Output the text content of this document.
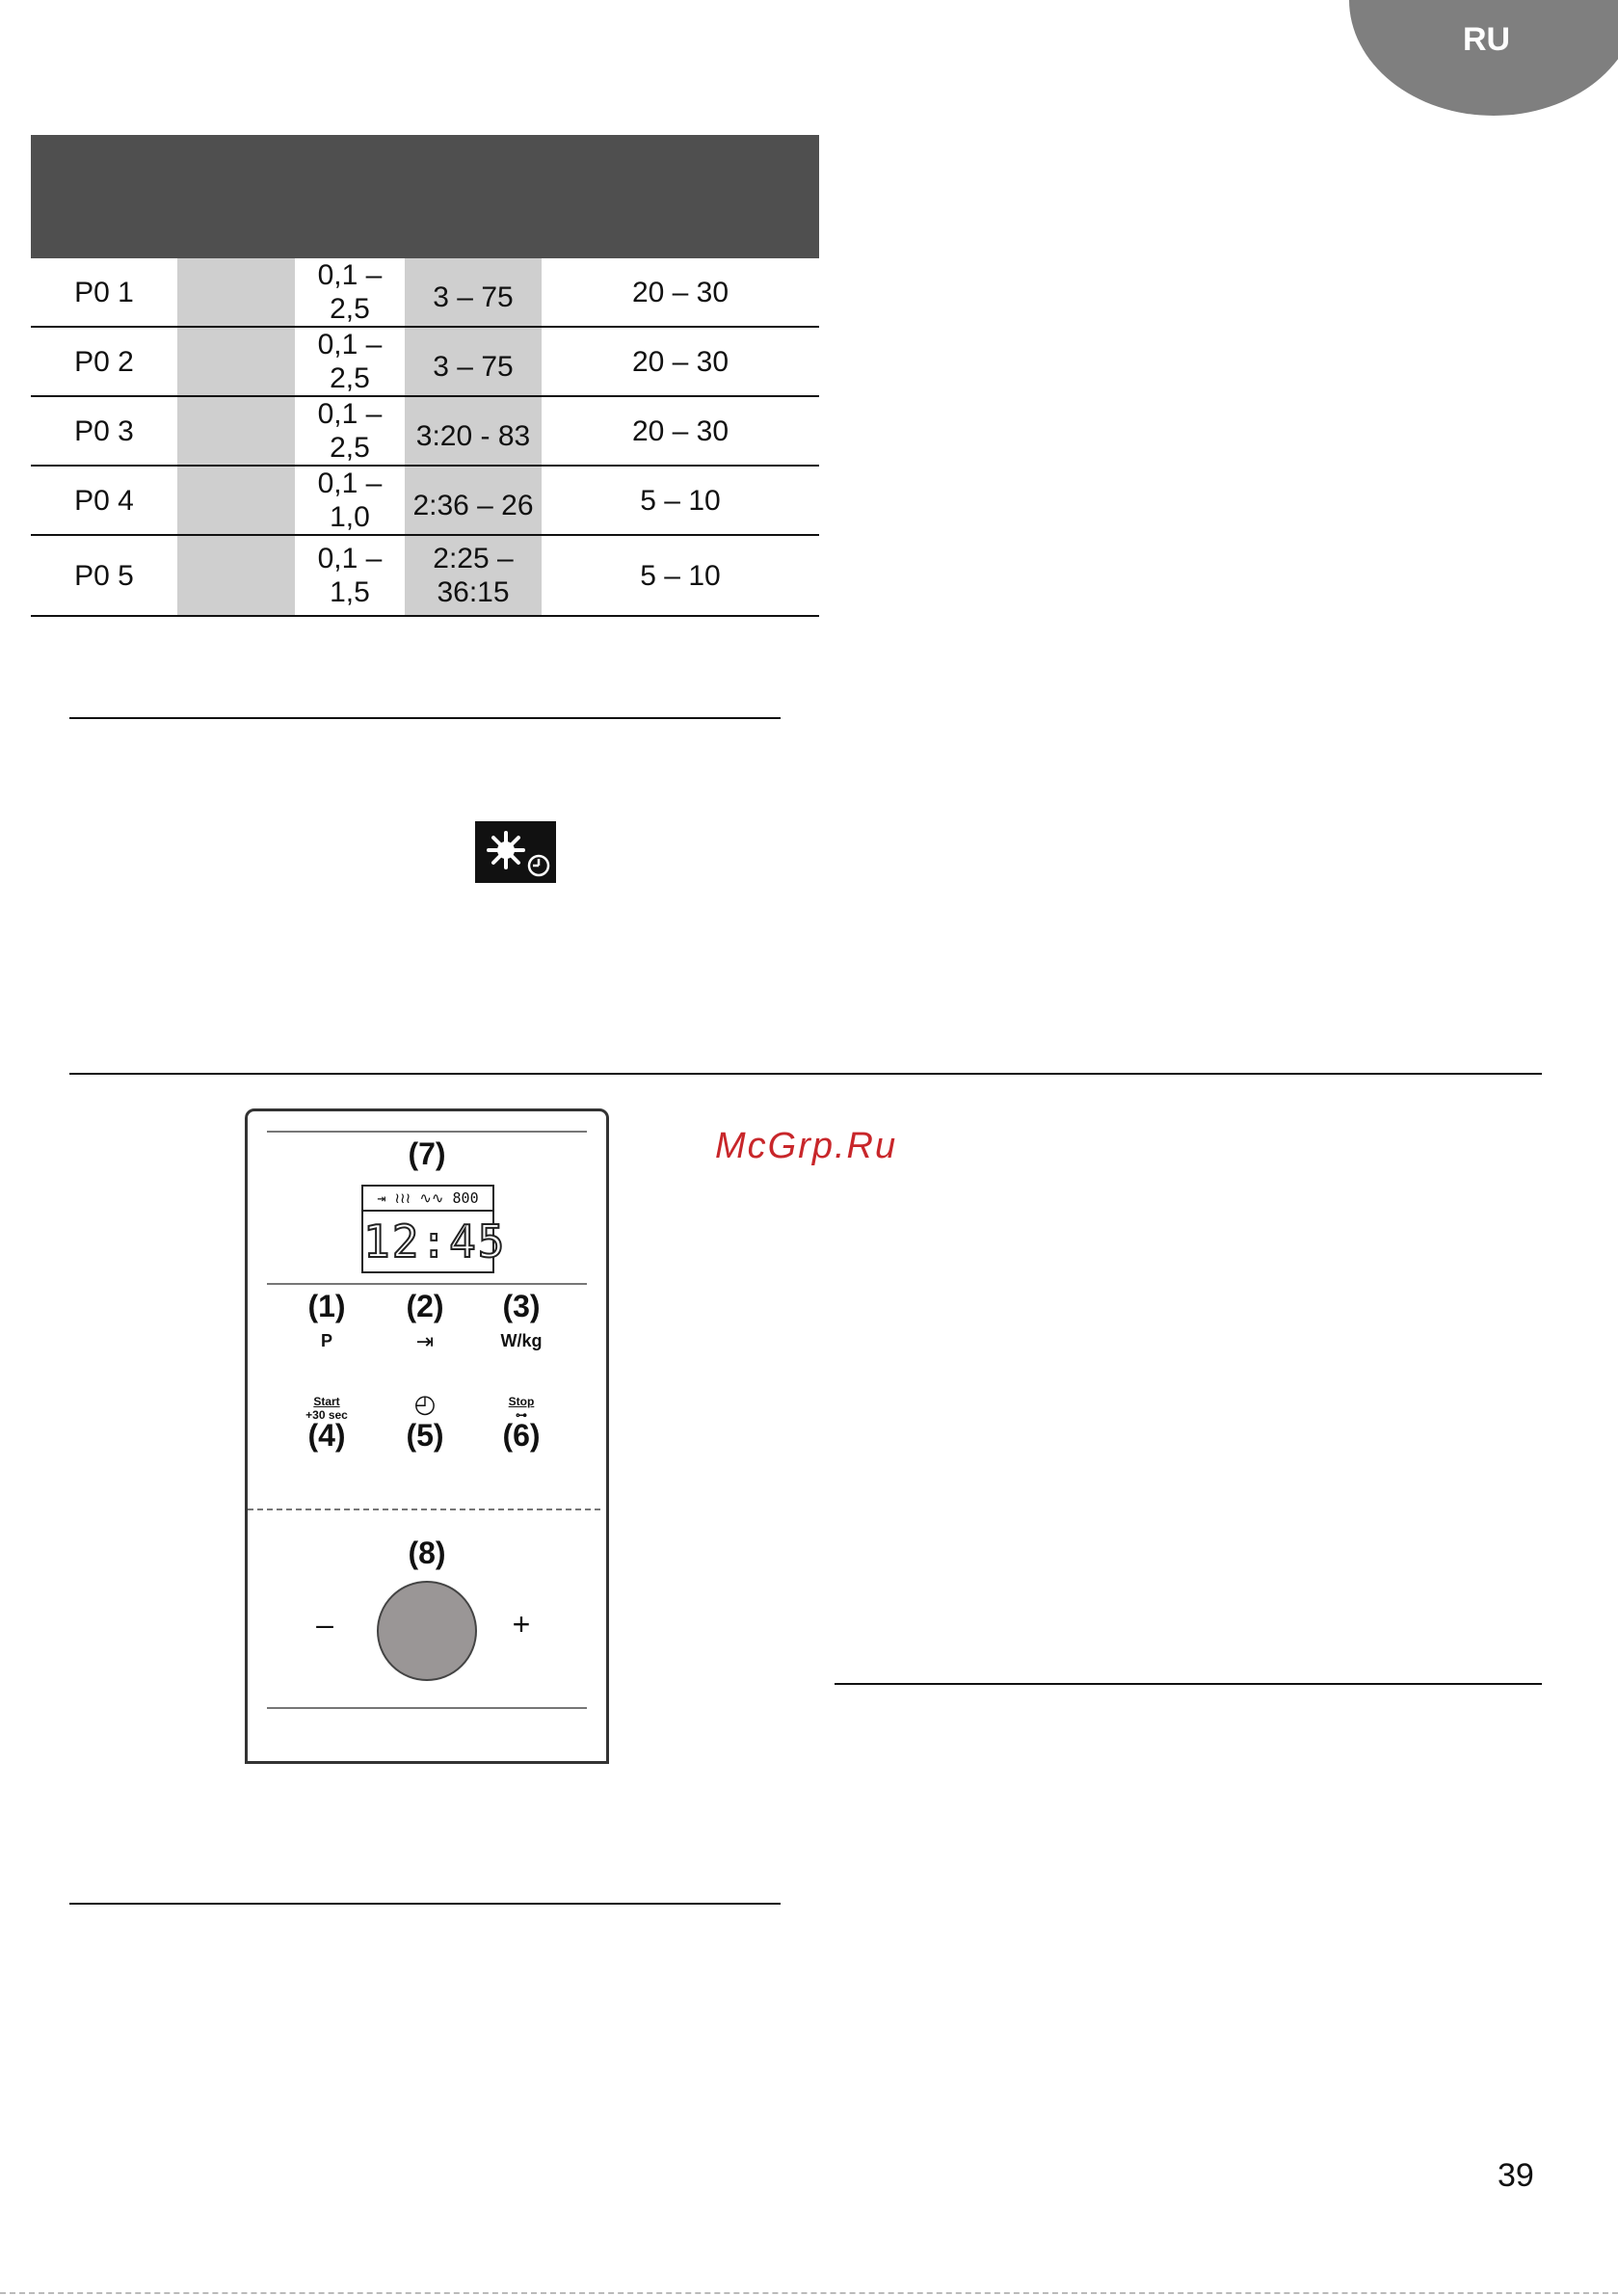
RU
P0 1
0,1 –
2,5	3 – 75	20 – 30
P0 2
0,1 –
2,5	3 – 75	20 – 30
P0 3
0,1 –
2,5	3:20 - 83	20 – 30
P0 4
0,1 –
1,0	2:36 – 26	5 – 10
P0 5
0,1 –
1,5
2:25 –
36:15
5 – 10
(7)
⇥ ≀≀≀ ∿∿ 800
12:45
(1)	(2)	(3)
P	⇥	W/kg
Start
+30 sec	◴	Stop
⊶
(4)	(5)	(6)
(8)
–	+
McGrp.Ru
39
